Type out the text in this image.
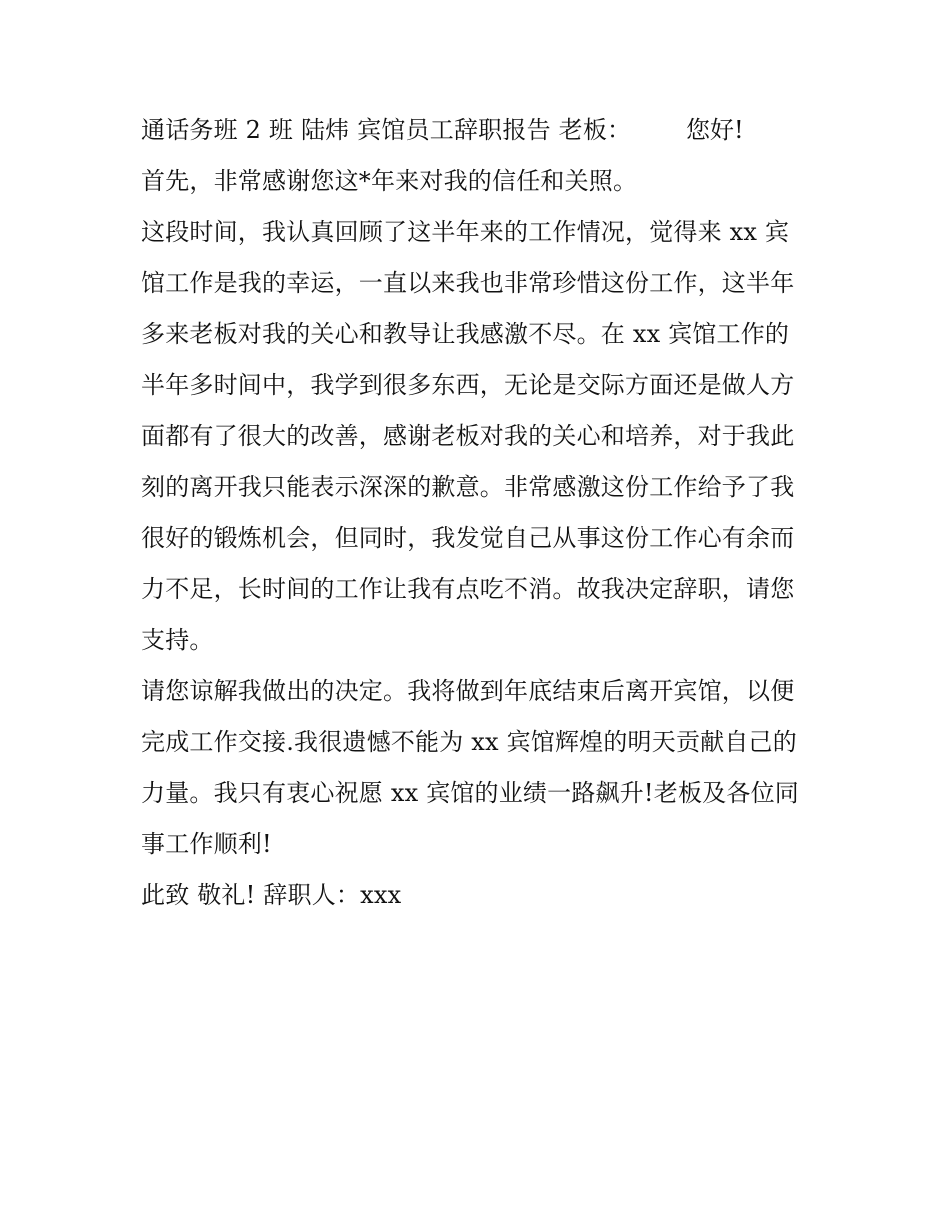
通话务班 2 班 陆炜 宾馆员工辞职报告 老板： 您好!
首先，非常感谢您这*年来对我的信任和关照。
这段时间，我认真回顾了这半年来的工作情况，觉得来 xx 宾
馆工作是我的幸运，一直以来我也非常珍惜这份工作，这半年
多来老板对我的关心和教导让我感激不尽。在 xx 宾馆工作的
半年多时间中，我学到很多东西，无论是交际方面还是做人方
面都有了很大的改善，感谢老板对我的关心和培养，对于我此
刻的离开我只能表示深深的歉意。非常感激这份工作给予了我
很好的锻炼机会，但同时，我发觉自己从事这份工作心有余而
力不足，长时间的工作让我有点吃不消。故我决定辞职，请您
支持。
请您谅解我做出的决定。我将做到年底结束后离开宾馆，以便
完成工作交接.我很遗憾不能为 xx 宾馆辉煌的明天贡献自己的
力量。我只有衷心祝愿 xx 宾馆的业绩一路飙升!老板及各位同
事工作顺利!
此致 敬礼! 辞职人：xxx
